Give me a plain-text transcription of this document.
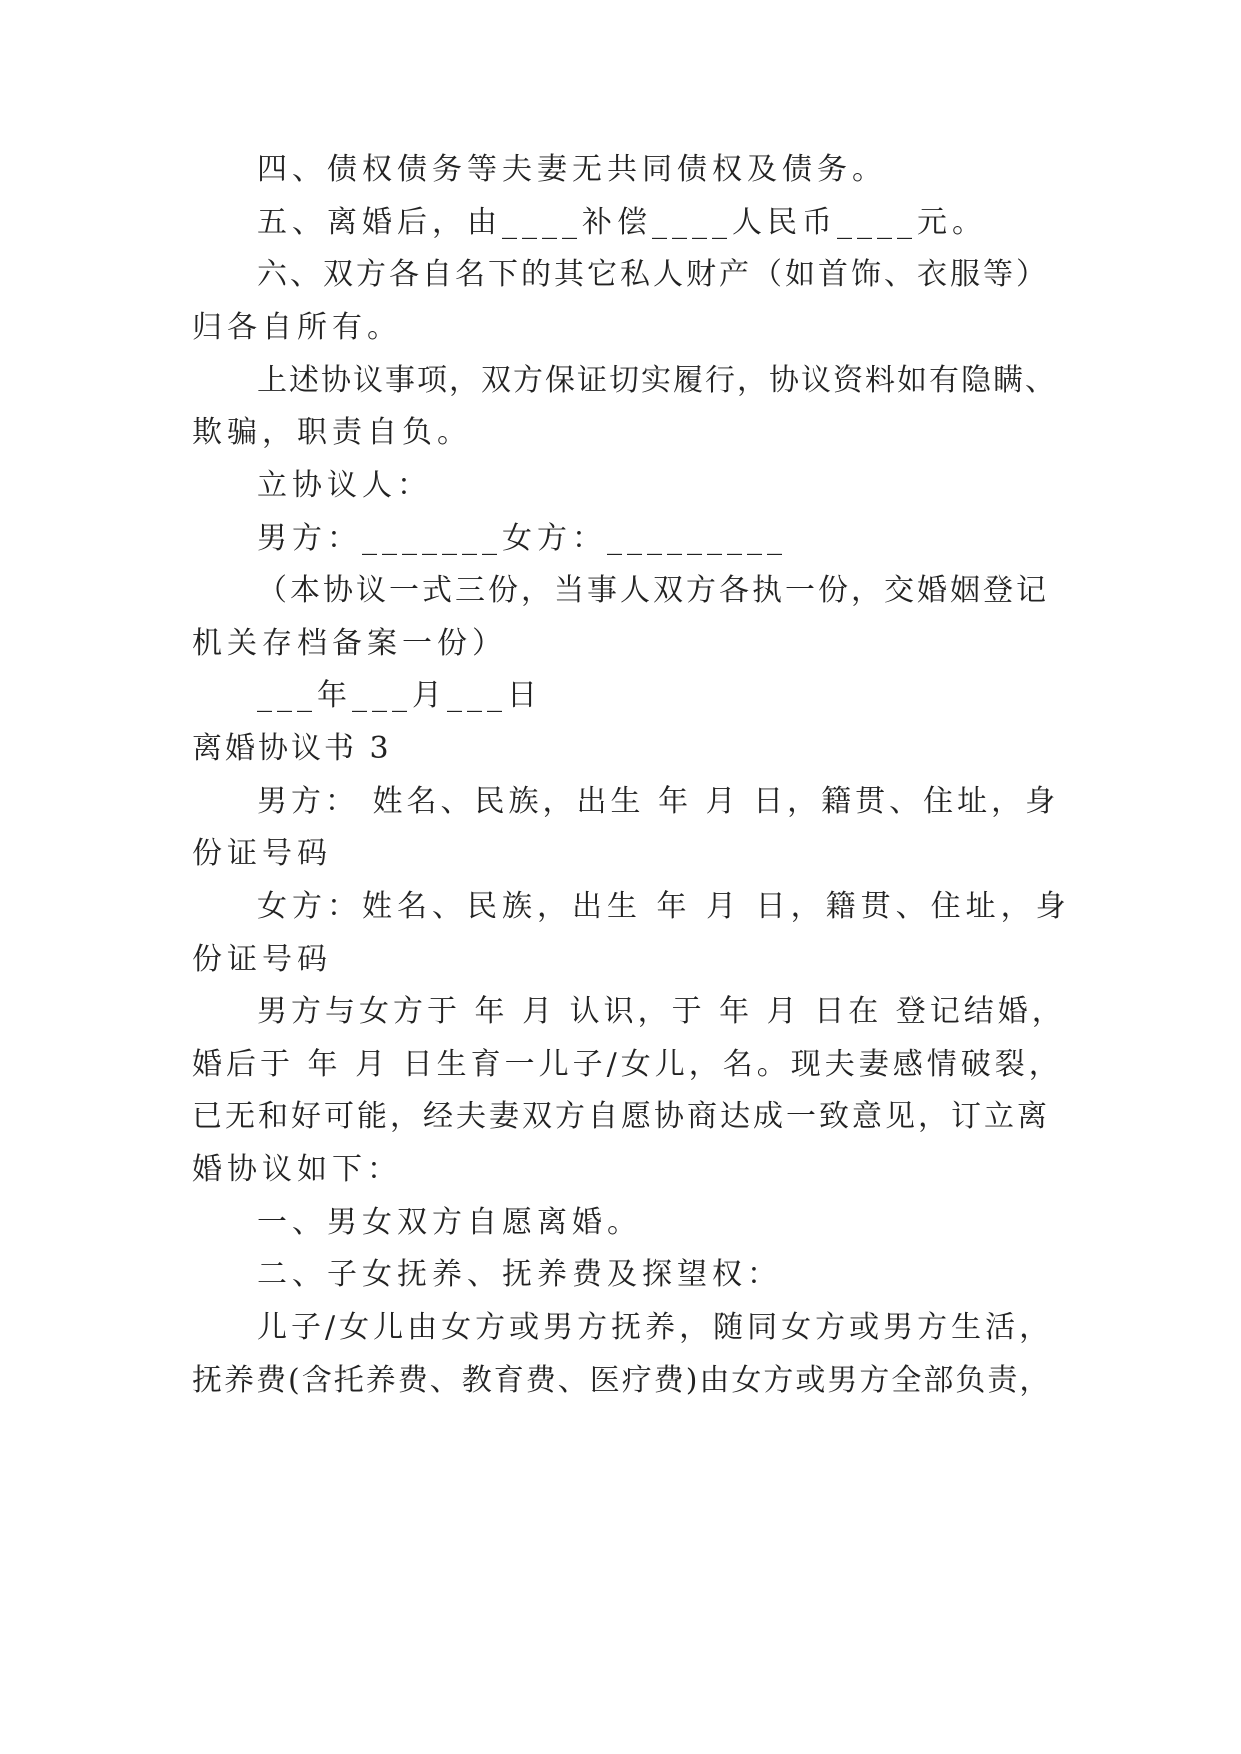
四、债权债务等夫妻无共同债权及债务。
五、离婚后，由____补偿____人民币____元。
六、双方各自名下的其它私人财产（如首饰、衣服等）
归各自所有。
上述协议事项，双方保证切实履行，协议资料如有隐瞒、
欺骗，职责自负。
立协议人：
男方：_______女方：_________
（本协议一式三份，当事人双方各执一份，交婚姻登记
机关存档备案一份）
___年___月___日
离婚协议书 3
男方： 姓名、民族，出生 年 月 日，籍贯、住址，身
份证号码
女方：姓名、民族，出生 年 月 日，籍贯、住址，身
份证号码
男方与女方于 年 月 认识，于 年 月 日在 登记结婚，
婚后于 年 月 日生育一儿子/女儿，名。现夫妻感情破裂，
已无和好可能，经夫妻双方自愿协商达成一致意见，订立离
婚协议如下：
一、男女双方自愿离婚。
二、子女抚养、抚养费及探望权：
儿子/女儿由女方或男方抚养，随同女方或男方生活，
抚养费(含托养费、教育费、医疗费)由女方或男方全部负责，
